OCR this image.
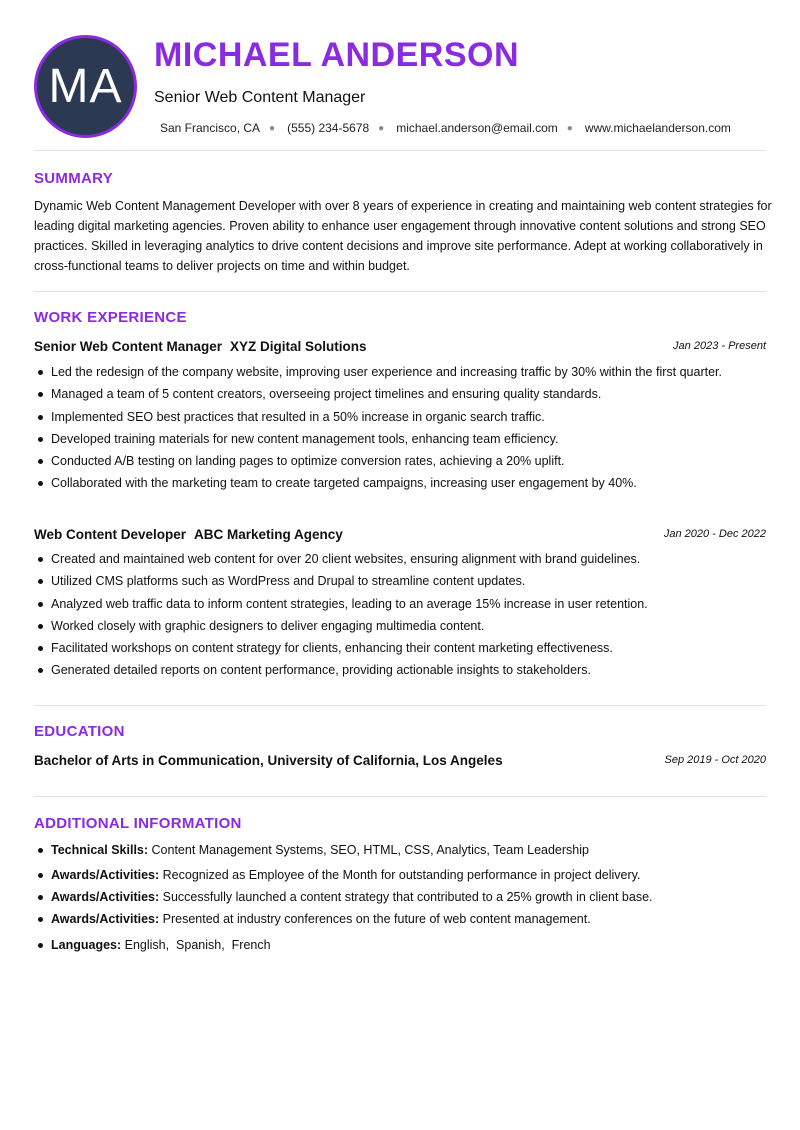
MA
MICHAEL ANDERSON
Senior Web Content Manager
San Francisco, CA ● (555) 234-5678 ● michael.anderson@email.com ● www.michaelanderson.com
SUMMARY
Dynamic Web Content Management Developer with over 8 years of experience in creating and maintaining web content strategies for leading digital marketing agencies. Proven ability to enhance user engagement through innovative content solutions and strong SEO practices. Skilled in leveraging analytics to drive content decisions and improve site performance. Adept at working collaboratively in cross-functional teams to deliver projects on time and within budget.
WORK EXPERIENCE
Senior Web Content Manager XYZ Digital Solutions	Jan 2023 - Present
Led the redesign of the company website, improving user experience and increasing traffic by 30% within the first quarter.
Managed a team of 5 content creators, overseeing project timelines and ensuring quality standards.
Implemented SEO best practices that resulted in a 50% increase in organic search traffic.
Developed training materials for new content management tools, enhancing team efficiency.
Conducted A/B testing on landing pages to optimize conversion rates, achieving a 20% uplift.
Collaborated with the marketing team to create targeted campaigns, increasing user engagement by 40%.
Web Content Developer ABC Marketing Agency	Jan 2020 - Dec 2022
Created and maintained web content for over 20 client websites, ensuring alignment with brand guidelines.
Utilized CMS platforms such as WordPress and Drupal to streamline content updates.
Analyzed web traffic data to inform content strategies, leading to an average 15% increase in user retention.
Worked closely with graphic designers to deliver engaging multimedia content.
Facilitated workshops on content strategy for clients, enhancing their content marketing effectiveness.
Generated detailed reports on content performance, providing actionable insights to stakeholders.
EDUCATION
Bachelor of Arts in Communication, University of California, Los Angeles	Sep 2019 - Oct 2020
ADDITIONAL INFORMATION
Technical Skills: Content Management Systems, SEO, HTML, CSS, Analytics, Team Leadership
Awards/Activities: Recognized as Employee of the Month for outstanding performance in project delivery.
Awards/Activities: Successfully launched a content strategy that contributed to a 25% growth in client base.
Awards/Activities: Presented at industry conferences on the future of web content management.
Languages: English,  Spanish,  French
